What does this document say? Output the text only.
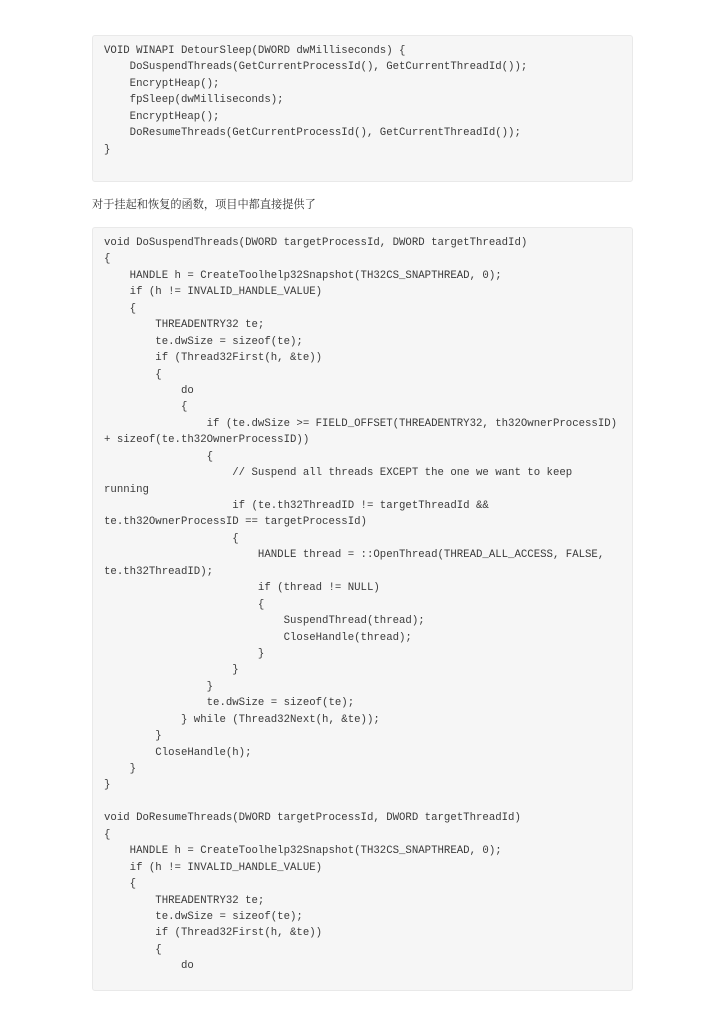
VOID WINAPI DetourSleep(DWORD dwMilliseconds) {
DoSuspendThreads(GetCurrentProcessId(), GetCurrentThreadId());
EncryptHeap();
fpSleep(dwMilliseconds);
EncryptHeap();
DoResumeThreads(GetCurrentProcessId(), GetCurrentThreadId());
}

对于挂起和恢复的函数，项目中都直接提供了

void DoSuspendThreads(DWORD targetProcessId, DWORD targetThreadId)
{
HANDLE h = CreateToolhelp32Snapshot(TH32CS_SNAPTHREAD, 0);
if (h != INVALID_HANDLE_VALUE)
{
THREADENTRY32 te;
te.dwSize = sizeof(te);
if (Thread32First(h, &te))
{
do
{
if (te.dwSize >= FIELD_OFFSET(THREADENTRY32, th32OwnerProcessID)
+ sizeof(te.th32OwnerProcessID))
{
// Suspend all threads EXCEPT the one we want to keep
running
if (te.th32ThreadID != targetThreadId &&
te.th32OwnerProcessID == targetProcessId)
{
HANDLE thread = ::OpenThread(THREAD_ALL_ACCESS, FALSE,
te.th32ThreadID);
if (thread != NULL)
{
SuspendThread(thread);
CloseHandle(thread);
}
}
}
te.dwSize = sizeof(te);
} while (Thread32Next(h, &te));
}
CloseHandle(h);
}
}
void DoResumeThreads(DWORD targetProcessId, DWORD targetThreadId)
{
HANDLE h = CreateToolhelp32Snapshot(TH32CS_SNAPTHREAD, 0);
if (h != INVALID_HANDLE_VALUE)
{
THREADENTRY32 te;
te.dwSize = sizeof(te);
if (Thread32First(h, &te))
{
do
